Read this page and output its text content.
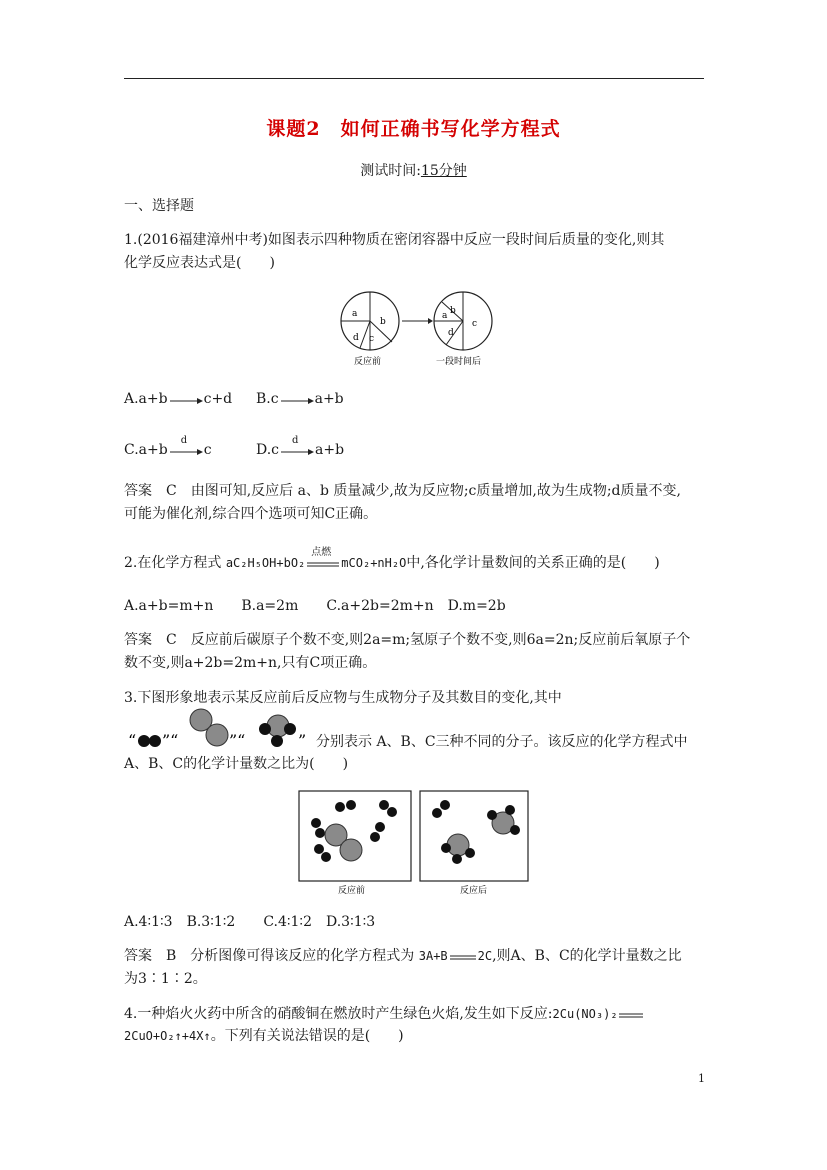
课题2　如何正确书写化学方程式
测试时间:15分钟
一、选择题
1.(2016福建漳州中考)如图表示四种物质在密闭容器中反应一段时间后质量的变化,则其
化学反应表达式是(　　)
a
b
d c
a b
d
c
反应前	一段时间后
A.a+b	c+d B.c	a+b
C.a+b
d
c	D.c
d
a+b
答案　C　由图可知,反应后 a、b 质量减少,故为反应物;c质量增加,故为生成物;d质量不变,
可能为催化剂,综合四个选项可知C正确。
2.在化学方程式 aC₂H₅OH+bO₂
点燃
mCO₂+nH₂O中,各化学计量数间的关系正确的是(　　)
A.a+b=m+n　　B.a=2m　　C.a+2b=2m+n　D.m=2b
答案　C　反应前后碳原子个数不变,则2a=m;氢原子个数不变,则6a=2n;反应前后氧原子个
数不变,则a+2b=2m+n,只有C项正确。
3.下图形象地表示某反应前后反应物与生成物分子及其数目的变化,其中
“ ”“	”“	” 分别表示 A、B、C三种不同的分子。该反应的化学方程式中
A、B、C的化学计量数之比为(　　)
反应前	反应后
A.4∶1∶3　B.3∶1∶2　　C.4∶1∶2　D.3∶1∶3
答案　B　分析图像可得该反应的化学方程式为 3A+B	2C,则A、B、C的化学计量数之比
为3∶1∶2。
4.一种焰火火药中所含的硝酸铜在燃放时产生绿色火焰,发生如下反应:2Cu(NO₃)₂
2CuO+O₂↑+4X↑。下列有关说法错误的是(　　)
1
